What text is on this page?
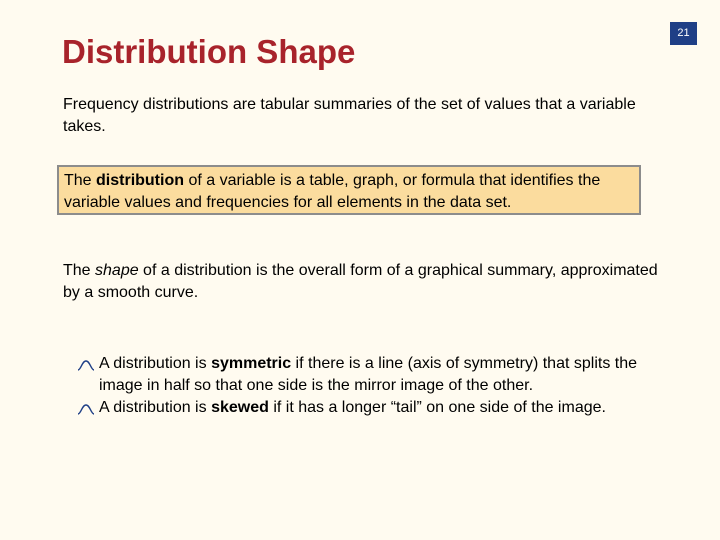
21
Distribution Shape

Frequency distributions are tabular summaries of the set of values that a variable takes.

The distribution of a variable is a table, graph, or formula that identifies the variable values and frequencies for all elements in the data set.

The shape of a distribution is the overall form of a graphical summary, approximated by a smooth curve.

A distribution is symmetric if there is a line (axis of symmetry) that splits the image in half so that one side is the mirror image of the other.
A distribution is skewed if it has a longer “tail” on one side of the image.
